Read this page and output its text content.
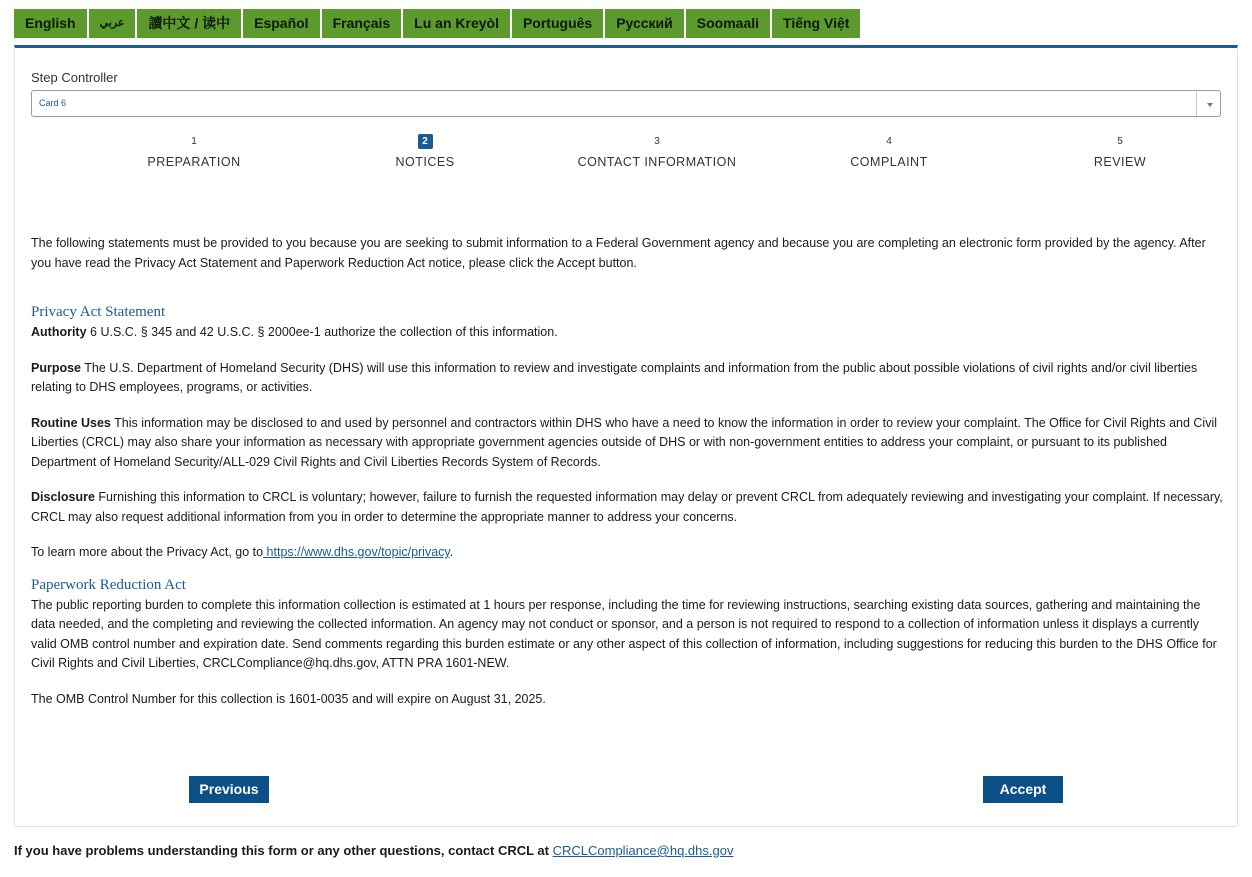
English	عربي	讀中文 / 读中	Español	Français	Lu an Kreyòl	Português	Русский	Soomaali	Tiếng Việt
Step Controller
Card 6
1
PREPARATION
2
NOTICES
3
CONTACT INFORMATION
4
COMPLAINT
5
REVIEW

The following statements must be provided to you because you are seeking to submit information to a Federal Government agency and because you are completing an electronic form provided by the agency. After you have read the Privacy Act Statement and Paperwork Reduction Act notice, please click the Accept button.

Privacy Act Statement

Authority 6 U.S.C. § 345 and 42 U.S.C. § 2000ee-1 authorize the collection of this information.

Purpose The U.S. Department of Homeland Security (DHS) will use this information to review and investigate complaints and information from the public about possible violations of civil rights and/or civil liberties relating to DHS employees, programs, or activities.

Routine Uses This information may be disclosed to and used by personnel and contractors within DHS who have a need to know the information in order to review your complaint. The Office for Civil Rights and Civil Liberties (CRCL) may also share your information as necessary with appropriate government agencies outside of DHS or with non-government entities to address your complaint, or pursuant to its published Department of Homeland Security/ALL-029 Civil Rights and Civil Liberties Records System of Records.

Disclosure Furnishing this information to CRCL is voluntary; however, failure to furnish the requested information may delay or prevent CRCL from adequately reviewing and investigating your complaint. If necessary, CRCL may also request additional information from you in order to determine the appropriate manner to address your concerns.

To learn more about the Privacy Act, go to https://www.dhs.gov/topic/privacy.

Paperwork Reduction Act

The public reporting burden to complete this information collection is estimated at 1 hours per response, including the time for reviewing instructions, searching existing data sources, gathering and maintaining the data needed, and the completing and reviewing the collected information. An agency may not conduct or sponsor, and a person is not required to respond to a collection of information unless it displays a currently valid OMB control number and expiration date. Send comments regarding this burden estimate or any other aspect of this collection of information, including suggestions for reducing this burden to the DHS Office for Civil Rights and Civil Liberties, CRCLCompliance@hq.dhs.gov, ATTN PRA 1601-NEW.

The OMB Control Number for this collection is 1601-0035 and will expire on August 31, 2025.

Previous	Accept
If you have problems understanding this form or any other questions, contact CRCL at CRCLCompliance@hq.dhs.gov
